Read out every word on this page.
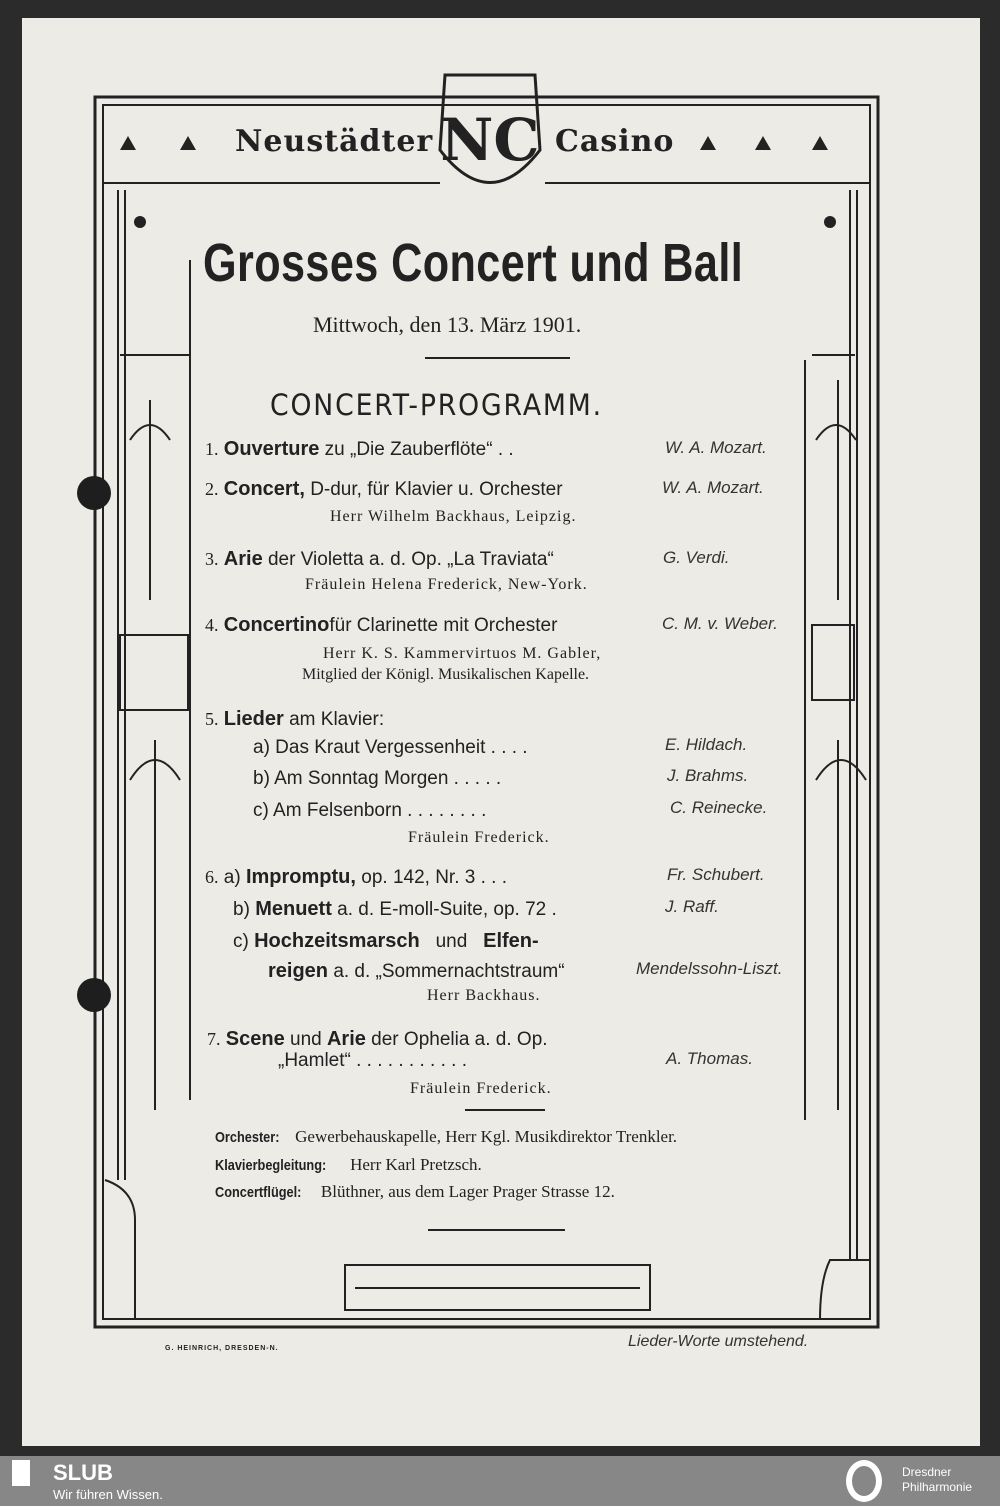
NC
Neustädter	Casino
Grosses Concert und Ball
Mittwoch, den 13. März 1901.
CONCERT-PROGRAMM.
1. Ouverture zu „Die Zauberflöte“ . .	W. A. Mozart.
2. Concert, D-dur, für Klavier u. Orchester	W. A. Mozart.
Herr Wilhelm Backhaus, Leipzig.
3. Arie der Violetta a. d. Op. „La Traviata“	G. Verdi.
Fräulein Helena Frederick, New-York.
4. Concertinofür Clarinette mit Orchester	C. M. v. Weber.
Herr K. S. Kammervirtuos M. Gabler,
Mitglied der Königl. Musikalischen Kapelle.
5. Lieder am Klavier:
a) Das Kraut Vergessenheit . . . .	E. Hildach.
b) Am Sonntag Morgen . . . . .	J. Brahms.
c) Am Felsenborn . . . . . . . .	C. Reinecke.
Fräulein Frederick.
6. a) Impromptu, op. 142, Nr. 3 . . .	Fr. Schubert.
b) Menuett a. d. E-moll-Suite, op. 72 .	J. Raff.
c) Hochzeitsmarsch und Elfen-
reigen a. d. „Sommernachtstraum“	Mendelssohn-Liszt.
Herr Backhaus.
7. Scene und Arie der Ophelia a. d. Op.
„Hamlet“ . . . . . . . . . . .	A. Thomas.
Fräulein Frederick.
Orchester: Gewerbehauskapelle, Herr Kgl. Musikdirektor Trenkler.
Klavierbegleitung: Herr Karl Pretzsch.
Concertflügel: Blüthner, aus dem Lager Prager Strasse 12.
G. HEINRICH, DRESDEN-N.	Lieder-Worte umstehend.
SLUB
Wir führen Wissen.
Dresdner
Philharmonie
